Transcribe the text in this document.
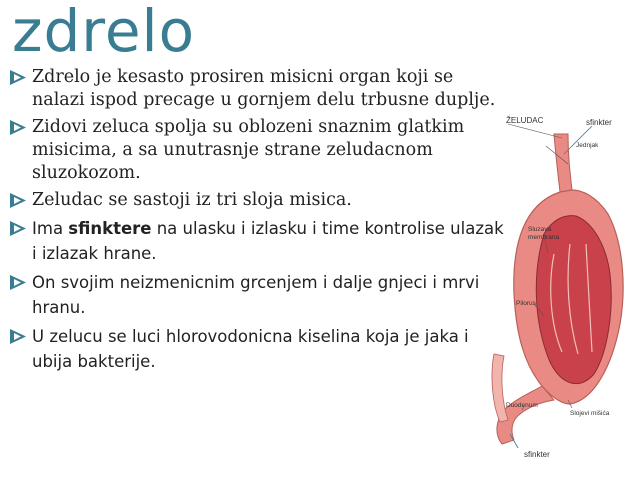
zdrelo
Zdrelo je kesasto prosiren misicni organ koji se nalazi ispod precage u gornjem delu trbusne duplje.
Zidovi zeluca spolja su oblozeni snaznim glatkim misicima, a sa unutrasnje strane zeludacnom sluzokozom.
Zeludac se sastoji iz tri sloja misica.
Ima sfinktere na ulasku i izlasku i time kontrolise ulazak i izlazak hrane.
On svojim neizmenicnim grcenjem i dalje gnjeci i mrvi hranu.
U zelucu se luci hlorovodonicna kiselina koja je jaka i ubija bakterije.
ŽELUDAC	sfinkter
Jednjak
Sluzava
membrana
Pilorus
Duodenum
Slojevi mišića
sfinkter
